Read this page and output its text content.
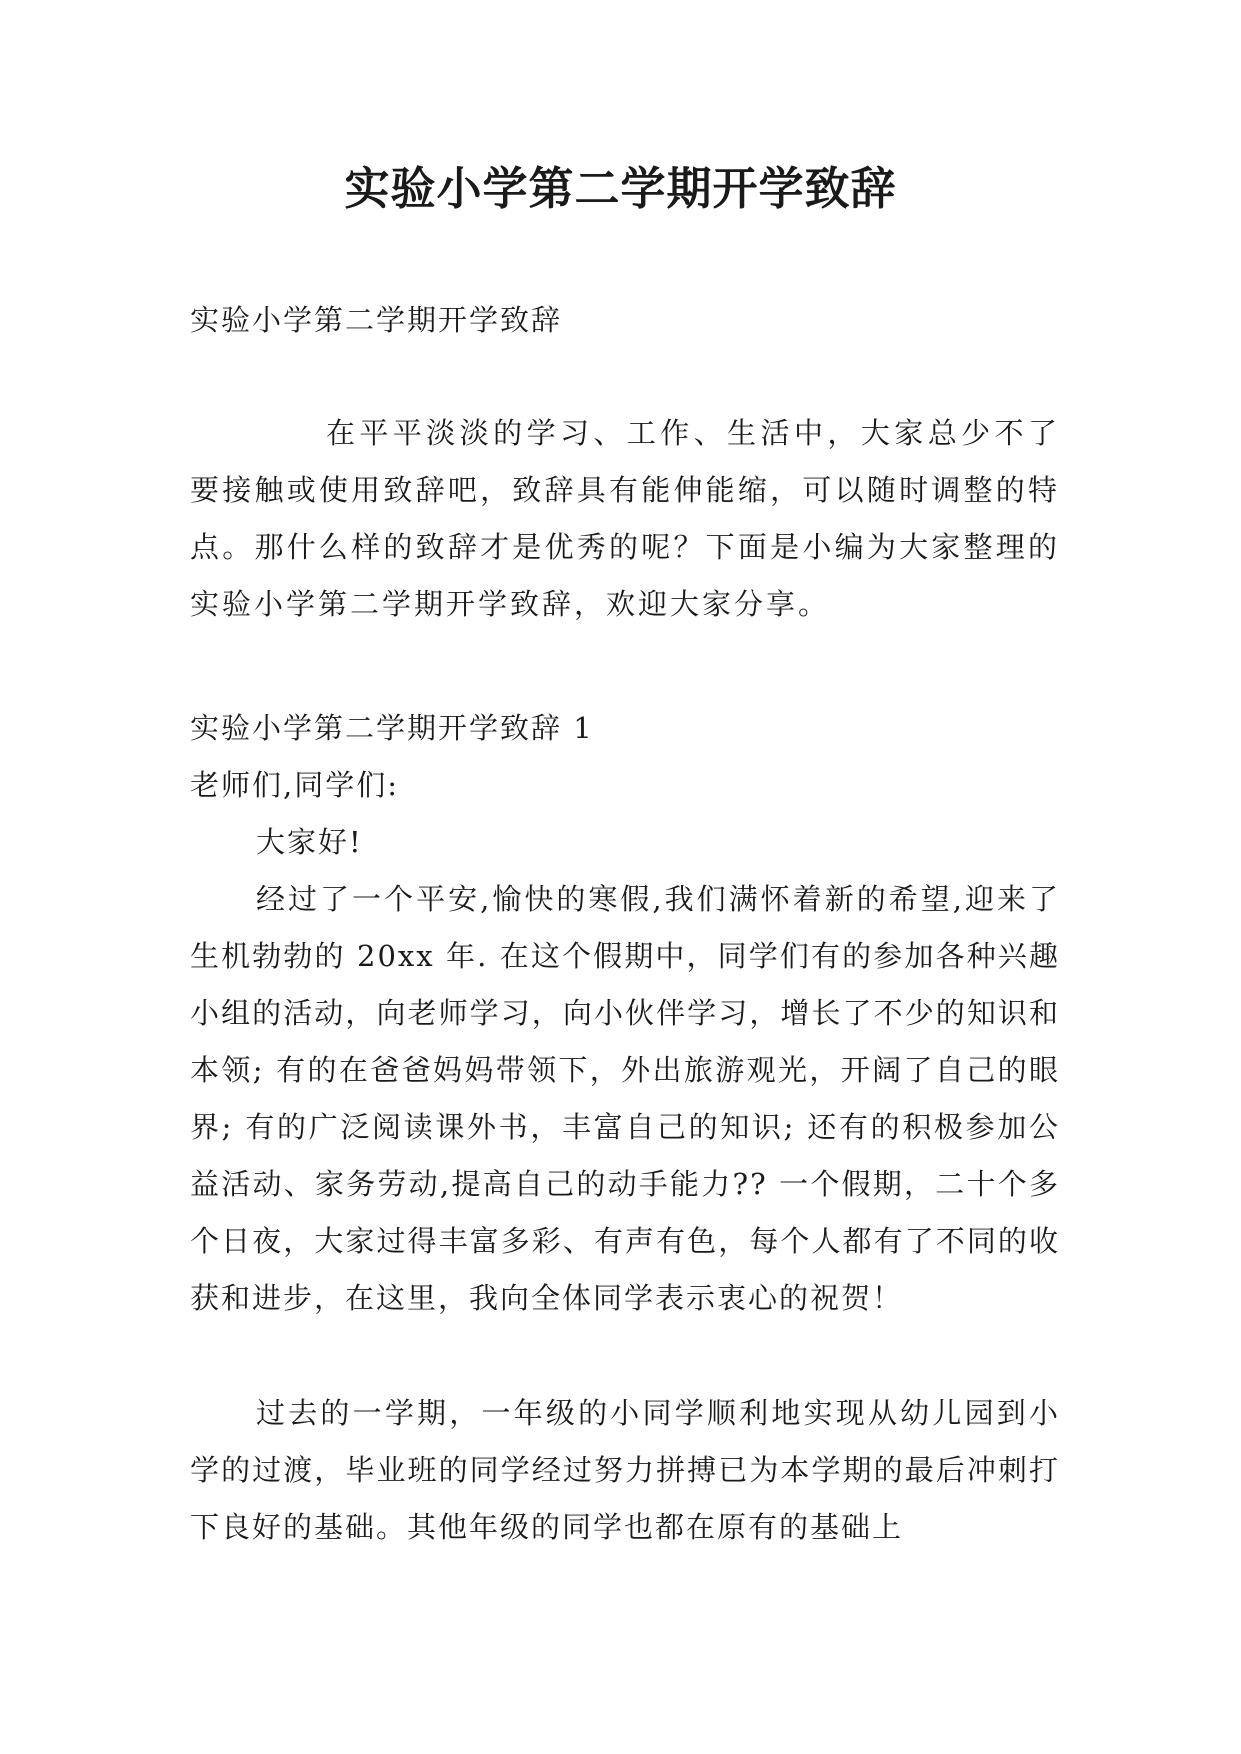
实验小学第二学期开学致辞

实验小学第二学期开学致辞

在平平淡淡的学习、工作、生活中，大家总少不了要接触或使用致辞吧，致辞具有能伸能缩，可以随时调整的特点。那什么样的致辞才是优秀的呢？下面是小编为大家整理的实验小学第二学期开学致辞，欢迎大家分享。

实验小学第二学期开学致辞 1

老师们,同学们:

大家好!

经过了一个平安,愉快的寒假,我们满怀着新的希望,迎来了生机勃勃的 20xx 年. 在这个假期中，同学们有的参加各种兴趣小组的活动，向老师学习，向小伙伴学习，增长了不少的知识和本领; 有的在爸爸妈妈带领下，外出旅游观光，开阔了自己的眼界; 有的广泛阅读课外书，丰富自己的知识; 还有的积极参加公益活动、家务劳动,提高自己的动手能力?? 一个假期，二十个多个日夜，大家过得丰富多彩、有声有色，每个人都有了不同的收获和进步，在这里，我向全体同学表示衷心的祝贺！

过去的一学期，一年级的小同学顺利地实现从幼儿园到小学的过渡，毕业班的同学经过努力拼搏已为本学期的最后冲刺打下良好的基础。其他年级的同学也都在原有的基础上
